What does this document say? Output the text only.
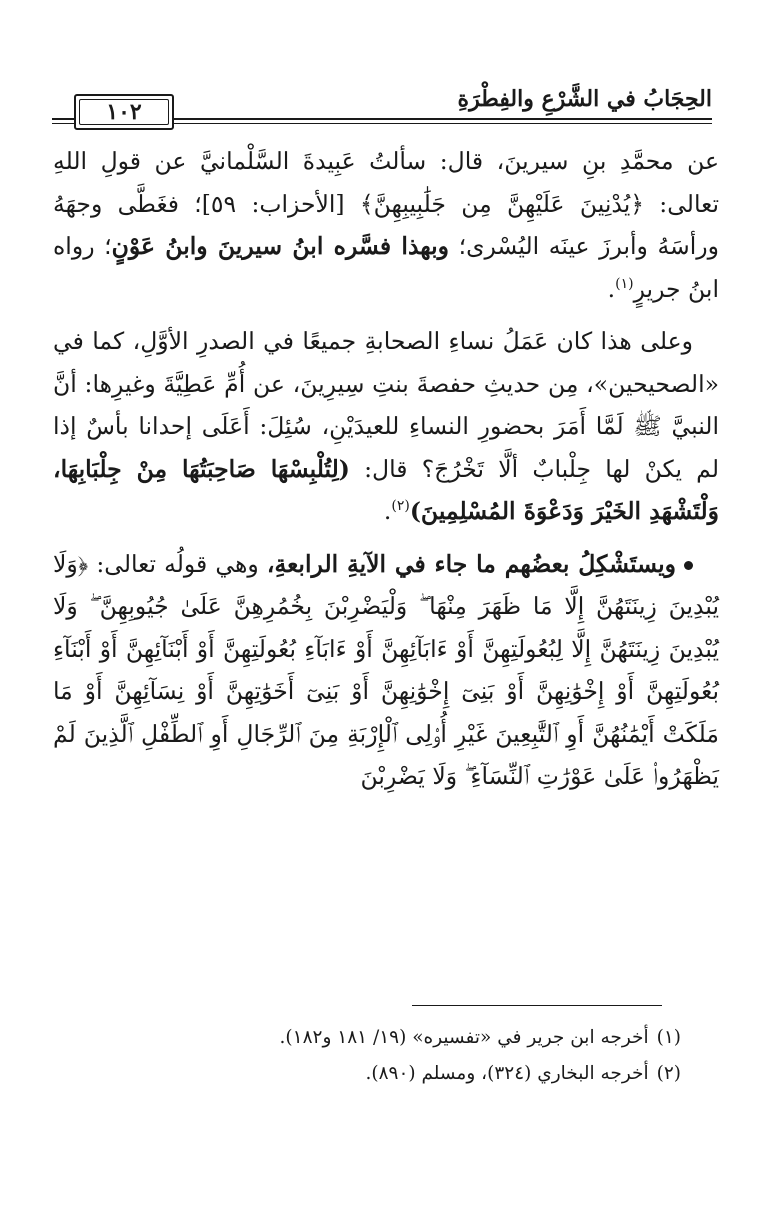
الحِجَابُ في الشَّرْعِ والفِطْرَةِ
١٠٢

عن محمَّدِ بنِ سيرينَ، قال: سألتُ عَبِيدةَ السَّلْمانيَّ عن قولِ اللهِ تعالى: ﴿يُدْنِينَ عَلَيْهِنَّ مِن جَلَٰبِيبِهِنَّ﴾ [الأحزاب: ٥٩]؛ فغَطَّى وجهَهُ ورأسَهُ وأبرزَ عينَه اليُسْرى؛ وبهذا فسَّره ابنُ سيرينَ وابنُ عَوْنٍ؛ رواه ابنُ جريرٍ$^{(١)}$.

وعلى هذا كان عَمَلُ نساءِ الصحابةِ جميعًا في الصدرِ الأوَّلِ، كما في «الصحيحين»، مِن حديثِ حفصةَ بنتِ سِيرِينَ، عن أُمِّ عَطِيَّةَ وغيرِها: أنَّ النبيَّ ﷺ لَمَّا أَمَرَ بحضورِ النساءِ للعيدَيْنِ، سُئِلَ: أَعَلَى إحدانا بأسٌ إذا لم يكنْ لها جِلْبابٌ ألَّا تَخْرُجَ؟ قال: (لِتُلْبِسْهَا صَاحِبَتُهَا مِنْ جِلْبَابِهَا، وَلْتَشْهَدِ الخَيْرَ وَدَعْوَةَ المُسْلِمِينَ)$^{(٢)}$.

ويستَشْكِلُ بعضُهم ما جاء في الآيةِ الرابعةِ، وهي قولُه تعالى: ﴿وَلَا يُبْدِينَ زِينَتَهُنَّ إِلَّا مَا ظَهَرَ مِنْهَا ۖ وَلْيَضْرِبْنَ بِخُمُرِهِنَّ عَلَىٰ جُيُوبِهِنَّ ۖ وَلَا يُبْدِينَ زِينَتَهُنَّ إِلَّا لِبُعُولَتِهِنَّ أَوْ ءَابَآئِهِنَّ أَوْ ءَابَآءِ بُعُولَتِهِنَّ أَوْ أَبْنَآئِهِنَّ أَوْ أَبْنَآءِ بُعُولَتِهِنَّ أَوْ إِخْوَٰنِهِنَّ أَوْ بَنِىٓ إِخْوَٰنِهِنَّ أَوْ بَنِىٓ أَخَوَٰتِهِنَّ أَوْ نِسَآئِهِنَّ أَوْ مَا مَلَكَتْ أَيْمَٰنُهُنَّ أَوِ ٱلتَّٰبِعِينَ غَيْرِ أُو۟لِى ٱلْإِرْبَةِ مِنَ ٱلرِّجَالِ أَوِ ٱلطِّفْلِ ٱلَّذِينَ لَمْ يَظْهَرُوا۟ عَلَىٰ عَوْرَٰتِ ٱلنِّسَآءِ ۖ وَلَا يَضْرِبْنَ

(١)أخرجه ابن جرير في «تفسيره» (١٩/ ١٨١ و١٨٢).

(٢)أخرجه البخاري (٣٢٤)، ومسلم (٨٩٠).
